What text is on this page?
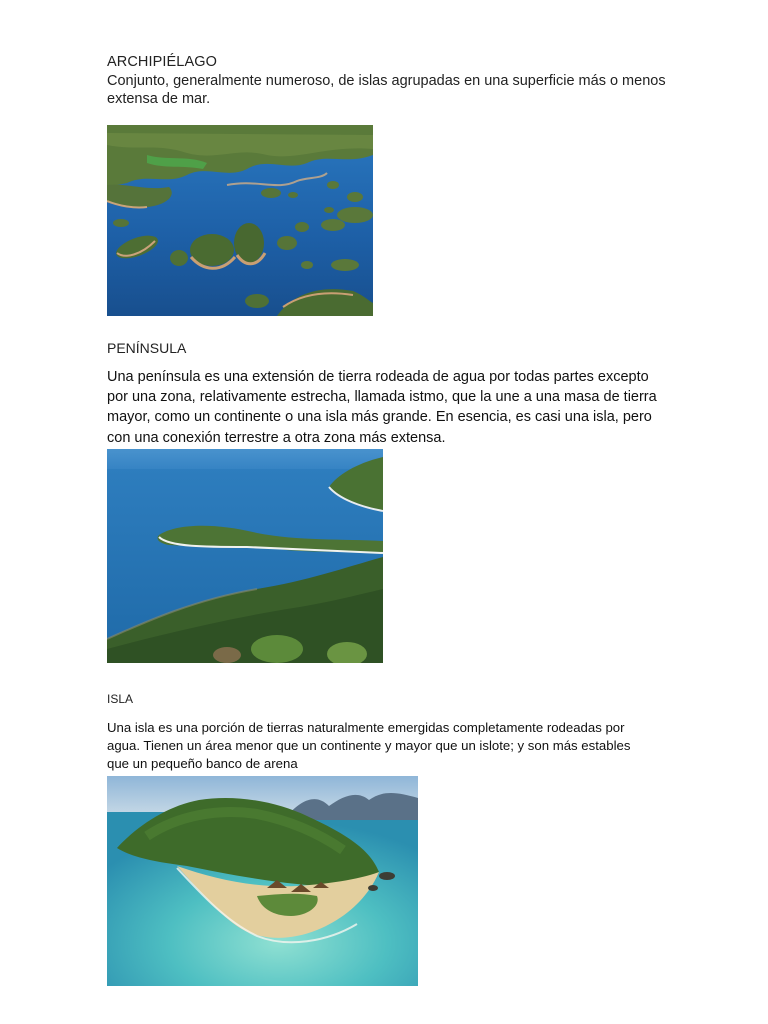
ARCHIPIÉLAGO
Conjunto, generalmente numeroso, de islas agrupadas en una superficie más o menos extensa de mar.
PENÍNSULA
Una península es una extensión de tierra rodeada de agua por todas partes excepto por una zona, relativamente estrecha, llamada istmo, que la une a una masa de tierra mayor, como un continente o una isla más grande. En esencia, es casi una isla, pero con una conexión terrestre a otra zona más extensa.
ISLA
Una isla es una porción de tierras naturalmente emergidas completamente rodeadas por agua. Tienen un área menor que un continente y mayor que un islote; y son más estables que un pequeño banco de arena
